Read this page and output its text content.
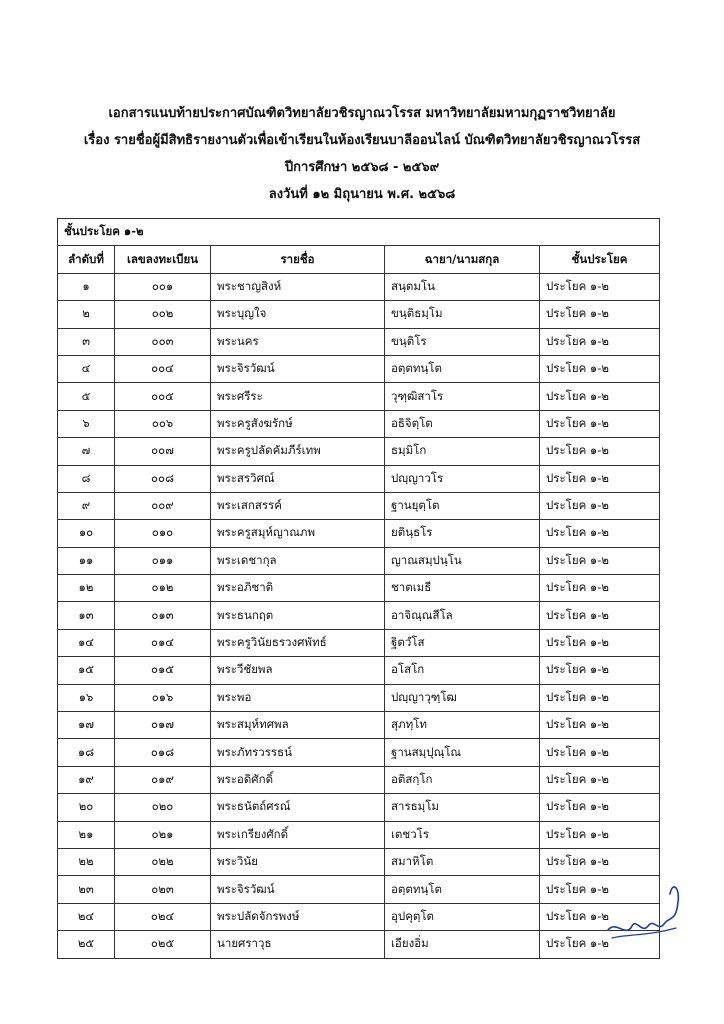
เอกสารแนบท้ายประกาศบัณฑิตวิทยาลัยวชิรญาณวโรรส มหาวิทยาลัยมหามกุฏราชวิทยาลัย
เรื่อง รายชื่อผู้มีสิทธิรายงานตัวเพื่อเข้าเรียนในห้องเรียนบาลีออนไลน์ บัณฑิตวิทยาลัยวชิรญาณวโรรส
ปีการศึกษา ๒๕๖๘ - ๒๕๖๙
ลงวันที่ ๑๒ มิถุนายน พ.ศ. ๒๕๖๘
ชั้นประโยค ๑-๒				
ลำดับที่	เลขลงทะเบียน	รายชื่อ	ฉายา/นามสกุล	ชั้นประโยค
๑	๐๐๑	พระชาญสิงห์	สนฺตมโน	ประโยค ๑-๒
๒	๐๐๒	พระบุญใจ	ขนฺติธมฺโม	ประโยค ๑-๒
๓	๐๐๓	พระนคร	ขนฺติโร	ประโยค ๑-๒
๔	๐๐๔	พระจิรวัฒน์	อตฺตทนฺโต	ประโยค ๑-๒
๕	๐๐๕	พระศรีระ	วุฑฺฒิสาโร	ประโยค ๑-๒
๖	๐๐๖	พระครูสังฆรักษ์	อธิจิตฺโต	ประโยค ๑-๒
๗	๐๐๗	พระครูปลัดคัมภีร์เทพ	ธมฺมิโก	ประโยค ๑-๒
๘	๐๐๘	พระสรวิศณ์	ปญฺญาวโร	ประโยค ๑-๒
๙	๐๐๙	พระเสกสรรค์	ฐานยุตฺโต	ประโยค ๑-๒
๑๐	๐๑๐	พระครูสมุห์ญาณภพ	ยตินฺธโร	ประโยค ๑-๒
๑๑	๐๑๑	พระเดชากุล	ญาณสมฺปนฺโน	ประโยค ๑-๒
๑๒	๐๑๒	พระอภิชาติ	ชาตเมธี	ประโยค ๑-๒
๑๓	๐๑๓	พระธนกฤต	อาจิณฺณสีโล	ประโยค ๑-๒
๑๔	๐๑๔	พระครูวินัยธรวงศพัทธ์	ฐิตวํโส	ประโยค ๑-๒
๑๕	๐๑๕	พระวีชัยพล	อโสโก	ประโยค ๑-๒
๑๖	๐๑๖	พระพอ	ปญฺญาวุฑฺโฒ	ประโยค ๑-๒
๑๗	๐๑๗	พระสมุห์ทศพล	สุภทฺโท	ประโยค ๑-๒
๑๘	๐๑๘	พระภัทรวรรธน์	ฐานสมฺปุณฺโณ	ประโยค ๑-๒
๑๙	๐๑๙	พระอดิศักดิ์	อติสกฺโก	ประโยค ๑-๒
๒๐	๐๒๐	พระธนัตถ์ศรณ์	สารธมฺโม	ประโยค ๑-๒
๒๑	๐๒๑	พระเกรียงศักดิ์	เตชวโร	ประโยค ๑-๒
๒๒	๐๒๒	พระวินัย	สมาหิโต	ประโยค ๑-๒
๒๓	๐๒๓	พระจิรวัฒน์	อตฺตทนฺโต	ประโยค ๑-๒
๒๔	๐๒๔	พระปลัดจักรพงษ์	อุปคุตฺโต	ประโยค ๑-๒
๒๕	๐๒๕	นายศราวุธ	เอียงอิ่ม	ประโยค ๑-๒
